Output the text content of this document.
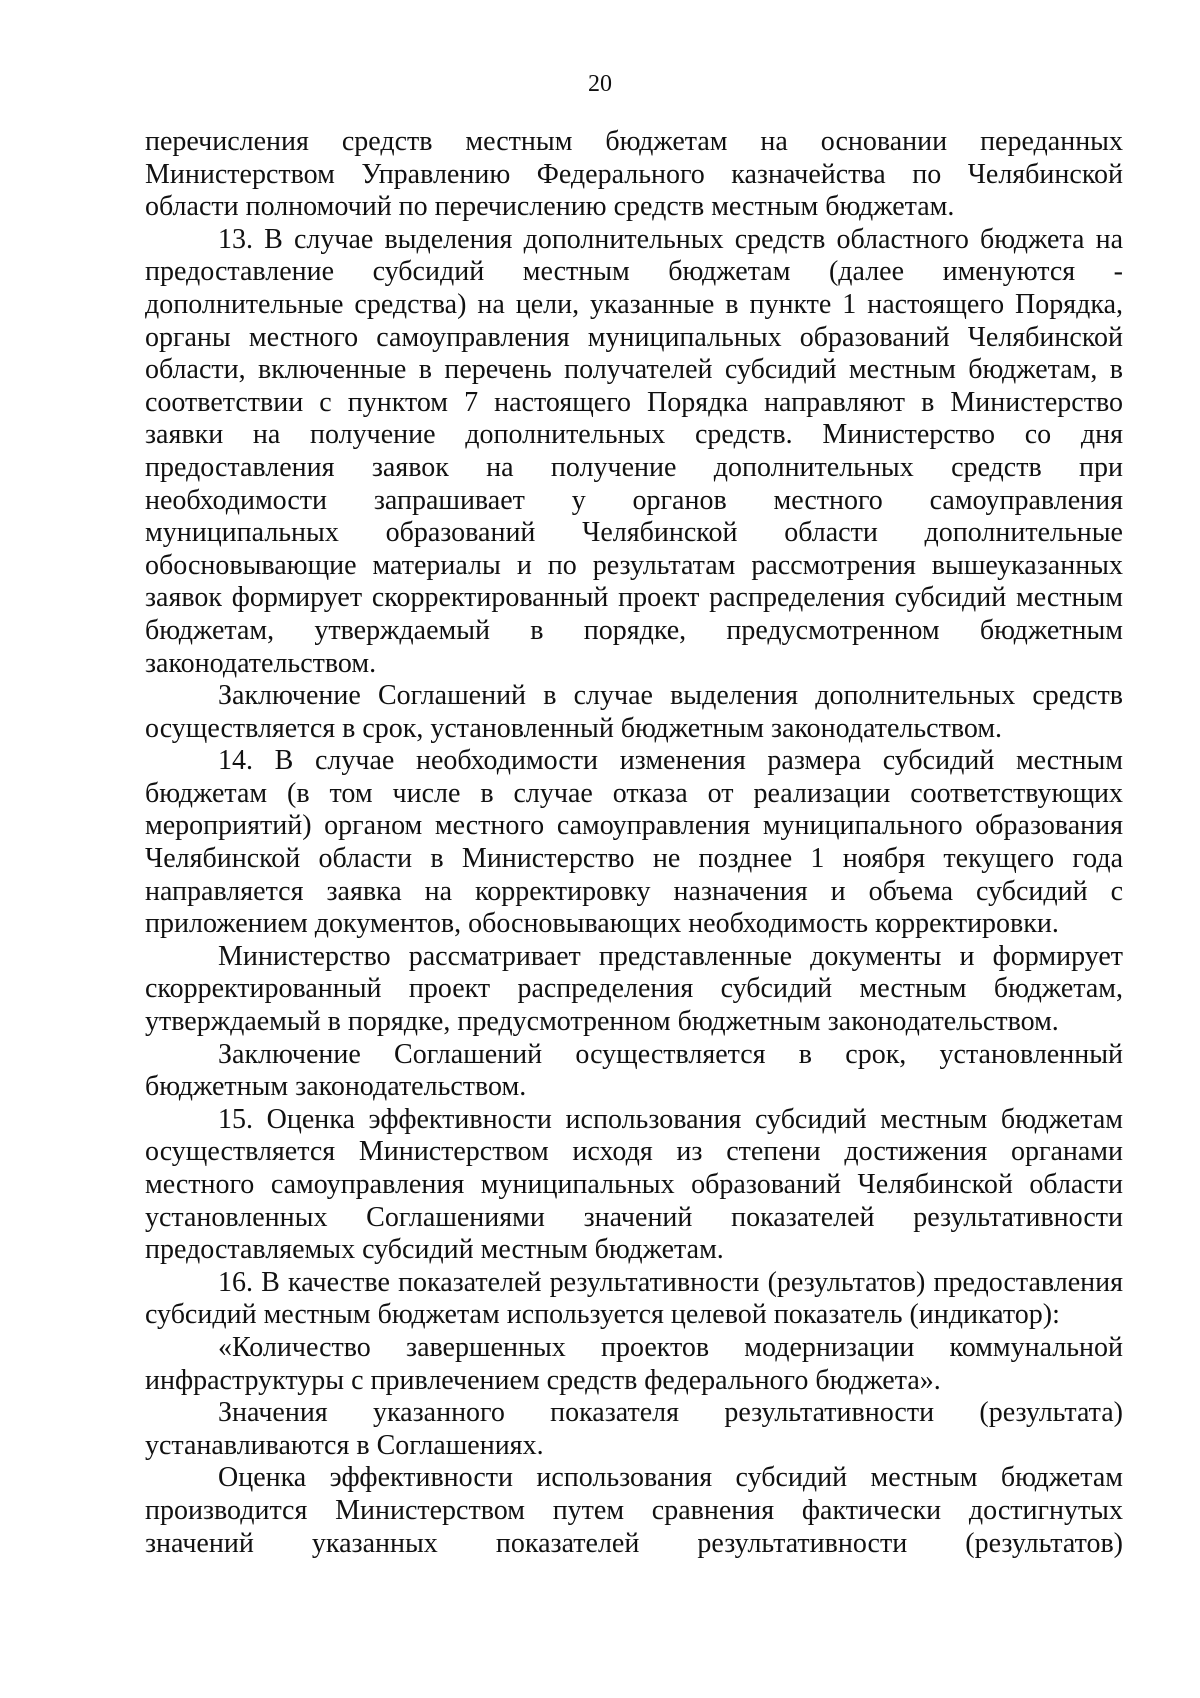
20

перечисления средств местным бюджетам на основании переданных Министерством Управлению Федерального казначейства по Челябинской области полномочий по перечислению средств местным бюджетам.

13. В случае выделения дополнительных средств областного бюджета на предоставление субсидий местным бюджетам (далее именуются - дополнительные средства) на цели, указанные в пункте 1 настоящего Порядка, органы местного самоуправления муниципальных образований Челябинской области, включенные в перечень получателей субсидий местным бюджетам, в соответствии с пунктом 7 настоящего Порядка направляют в Министерство заявки на получение дополнительных средств. Министерство со дня предоставления заявок на получение дополнительных средств при необходимости запрашивает у органов местного самоуправления муниципальных образований Челябинской области дополнительные обосновывающие материалы и по результатам рассмотрения вышеуказанных заявок формирует скорректированный проект распределения субсидий местным бюджетам, утверждаемый в порядке, предусмотренном бюджетным законодательством.

Заключение Соглашений в случае выделения дополнительных средств осуществляется в срок, установленный бюджетным законодательством.

14. В случае необходимости изменения размера субсидий местным бюджетам (в том числе в случае отказа от реализации соответствующих мероприятий) органом местного самоуправления муниципального образования Челябинской области в Министерство не позднее 1 ноября текущего года направляется заявка на корректировку назначения и объема субсидий с приложением документов, обосновывающих необходимость корректировки.

Министерство рассматривает представленные документы и формирует скорректированный проект распределения субсидий местным бюджетам, утверждаемый в порядке, предусмотренном бюджетным законодательством.

Заключение Соглашений осуществляется в срок, установленный бюджетным законодательством.

15. Оценка эффективности использования субсидий местным бюджетам осуществляется Министерством исходя из степени достижения органами местного самоуправления муниципальных образований Челябинской области установленных Соглашениями значений показателей результативности предоставляемых субсидий местным бюджетам.

16. В качестве показателей результативности (результатов) предоставления субсидий местным бюджетам используется целевой показатель (индикатор):

«Количество завершенных проектов модернизации коммунальной инфраструктуры с привлечением средств федерального бюджета».

Значения указанного показателя результативности (результата) устанавливаются в Соглашениях.

Оценка эффективности использования субсидий местным бюджетам производится Министерством путем сравнения фактически достигнутых значений указанных показателей результативности (результатов)
